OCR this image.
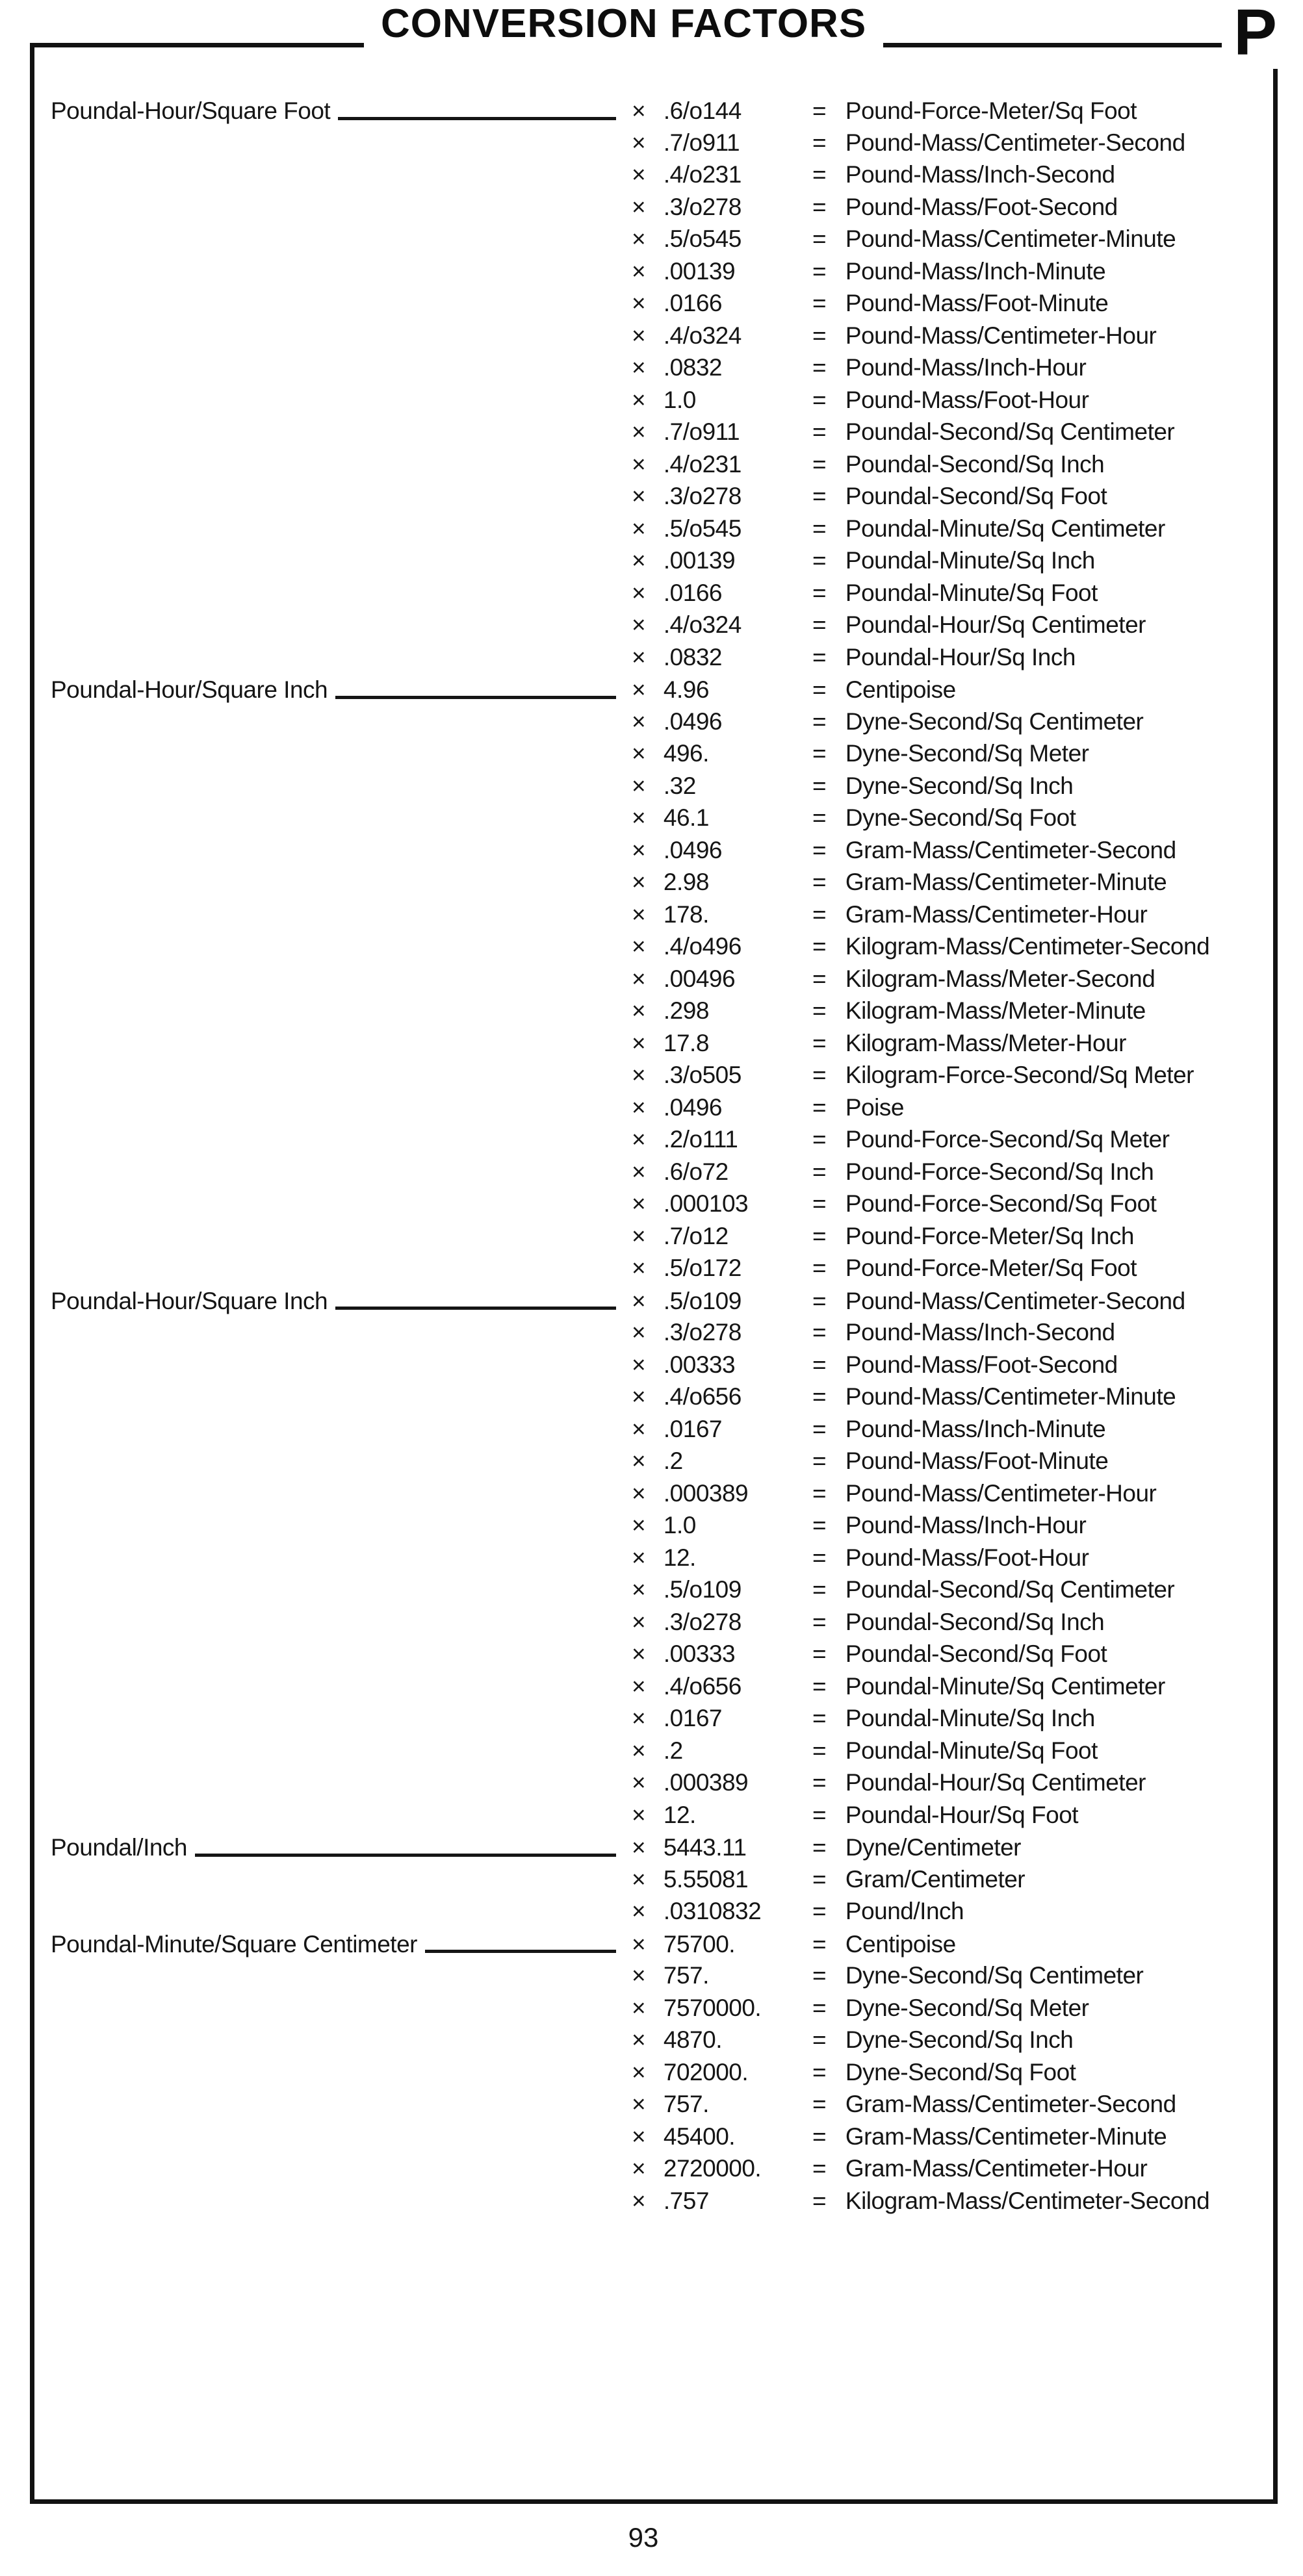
CONVERSION FACTORS	P
Poundal-Hour/Square Foot	× .6/o144	= Pound-Force-Meter/Sq Foot
× .7/o911	= Pound-Mass/Centimeter-Second
× .4/o231	= Pound-Mass/Inch-Second
× .3/o278	= Pound-Mass/Foot-Second
× .5/o545	= Pound-Mass/Centimeter-Minute
× .00139	= Pound-Mass/Inch-Minute
× .0166	= Pound-Mass/Foot-Minute
× .4/o324	= Pound-Mass/Centimeter-Hour
× .0832	= Pound-Mass/Inch-Hour
× 1.0	= Pound-Mass/Foot-Hour
× .7/o911	= Poundal-Second/Sq Centimeter
× .4/o231	= Poundal-Second/Sq Inch
× .3/o278	= Poundal-Second/Sq Foot
× .5/o545	= Poundal-Minute/Sq Centimeter
× .00139	= Poundal-Minute/Sq Inch
× .0166	= Poundal-Minute/Sq Foot
× .4/o324	= Poundal-Hour/Sq Centimeter
× .0832	= Poundal-Hour/Sq Inch
Poundal-Hour/Square Inch	× 4.96	= Centipoise
× .0496	= Dyne-Second/Sq Centimeter
× 496.	= Dyne-Second/Sq Meter
× .32	= Dyne-Second/Sq Inch
× 46.1	= Dyne-Second/Sq Foot
× .0496	= Gram-Mass/Centimeter-Second
× 2.98	= Gram-Mass/Centimeter-Minute
× 178.	= Gram-Mass/Centimeter-Hour
× .4/o496	= Kilogram-Mass/Centimeter-Second
× .00496	= Kilogram-Mass/Meter-Second
× .298	= Kilogram-Mass/Meter-Minute
× 17.8	= Kilogram-Mass/Meter-Hour
× .3/o505	= Kilogram-Force-Second/Sq Meter
× .0496	= Poise
× .2/o111	= Pound-Force-Second/Sq Meter
× .6/o72	= Pound-Force-Second/Sq Inch
× .000103	= Pound-Force-Second/Sq Foot
× .7/o12	= Pound-Force-Meter/Sq Inch
× .5/o172	= Pound-Force-Meter/Sq Foot
Poundal-Hour/Square Inch	× .5/o109	= Pound-Mass/Centimeter-Second
× .3/o278	= Pound-Mass/Inch-Second
× .00333	= Pound-Mass/Foot-Second
× .4/o656	= Pound-Mass/Centimeter-Minute
× .0167	= Pound-Mass/Inch-Minute
× .2	= Pound-Mass/Foot-Minute
× .000389	= Pound-Mass/Centimeter-Hour
× 1.0	= Pound-Mass/Inch-Hour
× 12.	= Pound-Mass/Foot-Hour
× .5/o109	= Poundal-Second/Sq Centimeter
× .3/o278	= Poundal-Second/Sq Inch
× .00333	= Poundal-Second/Sq Foot
× .4/o656	= Poundal-Minute/Sq Centimeter
× .0167	= Poundal-Minute/Sq Inch
× .2	= Poundal-Minute/Sq Foot
× .000389	= Poundal-Hour/Sq Centimeter
× 12.	= Poundal-Hour/Sq Foot
Poundal/Inch	× 5443.11	= Dyne/Centimeter
× 5.55081	= Gram/Centimeter
× .0310832	= Pound/Inch
Poundal-Minute/Square Centimeter	× 75700.	= Centipoise
× 757.	= Dyne-Second/Sq Centimeter
× 7570000.	= Dyne-Second/Sq Meter
× 4870.	= Dyne-Second/Sq Inch
× 702000.	= Dyne-Second/Sq Foot
× 757.	= Gram-Mass/Centimeter-Second
× 45400.	= Gram-Mass/Centimeter-Minute
× 2720000.	= Gram-Mass/Centimeter-Hour
× .757	= Kilogram-Mass/Centimeter-Second
93
